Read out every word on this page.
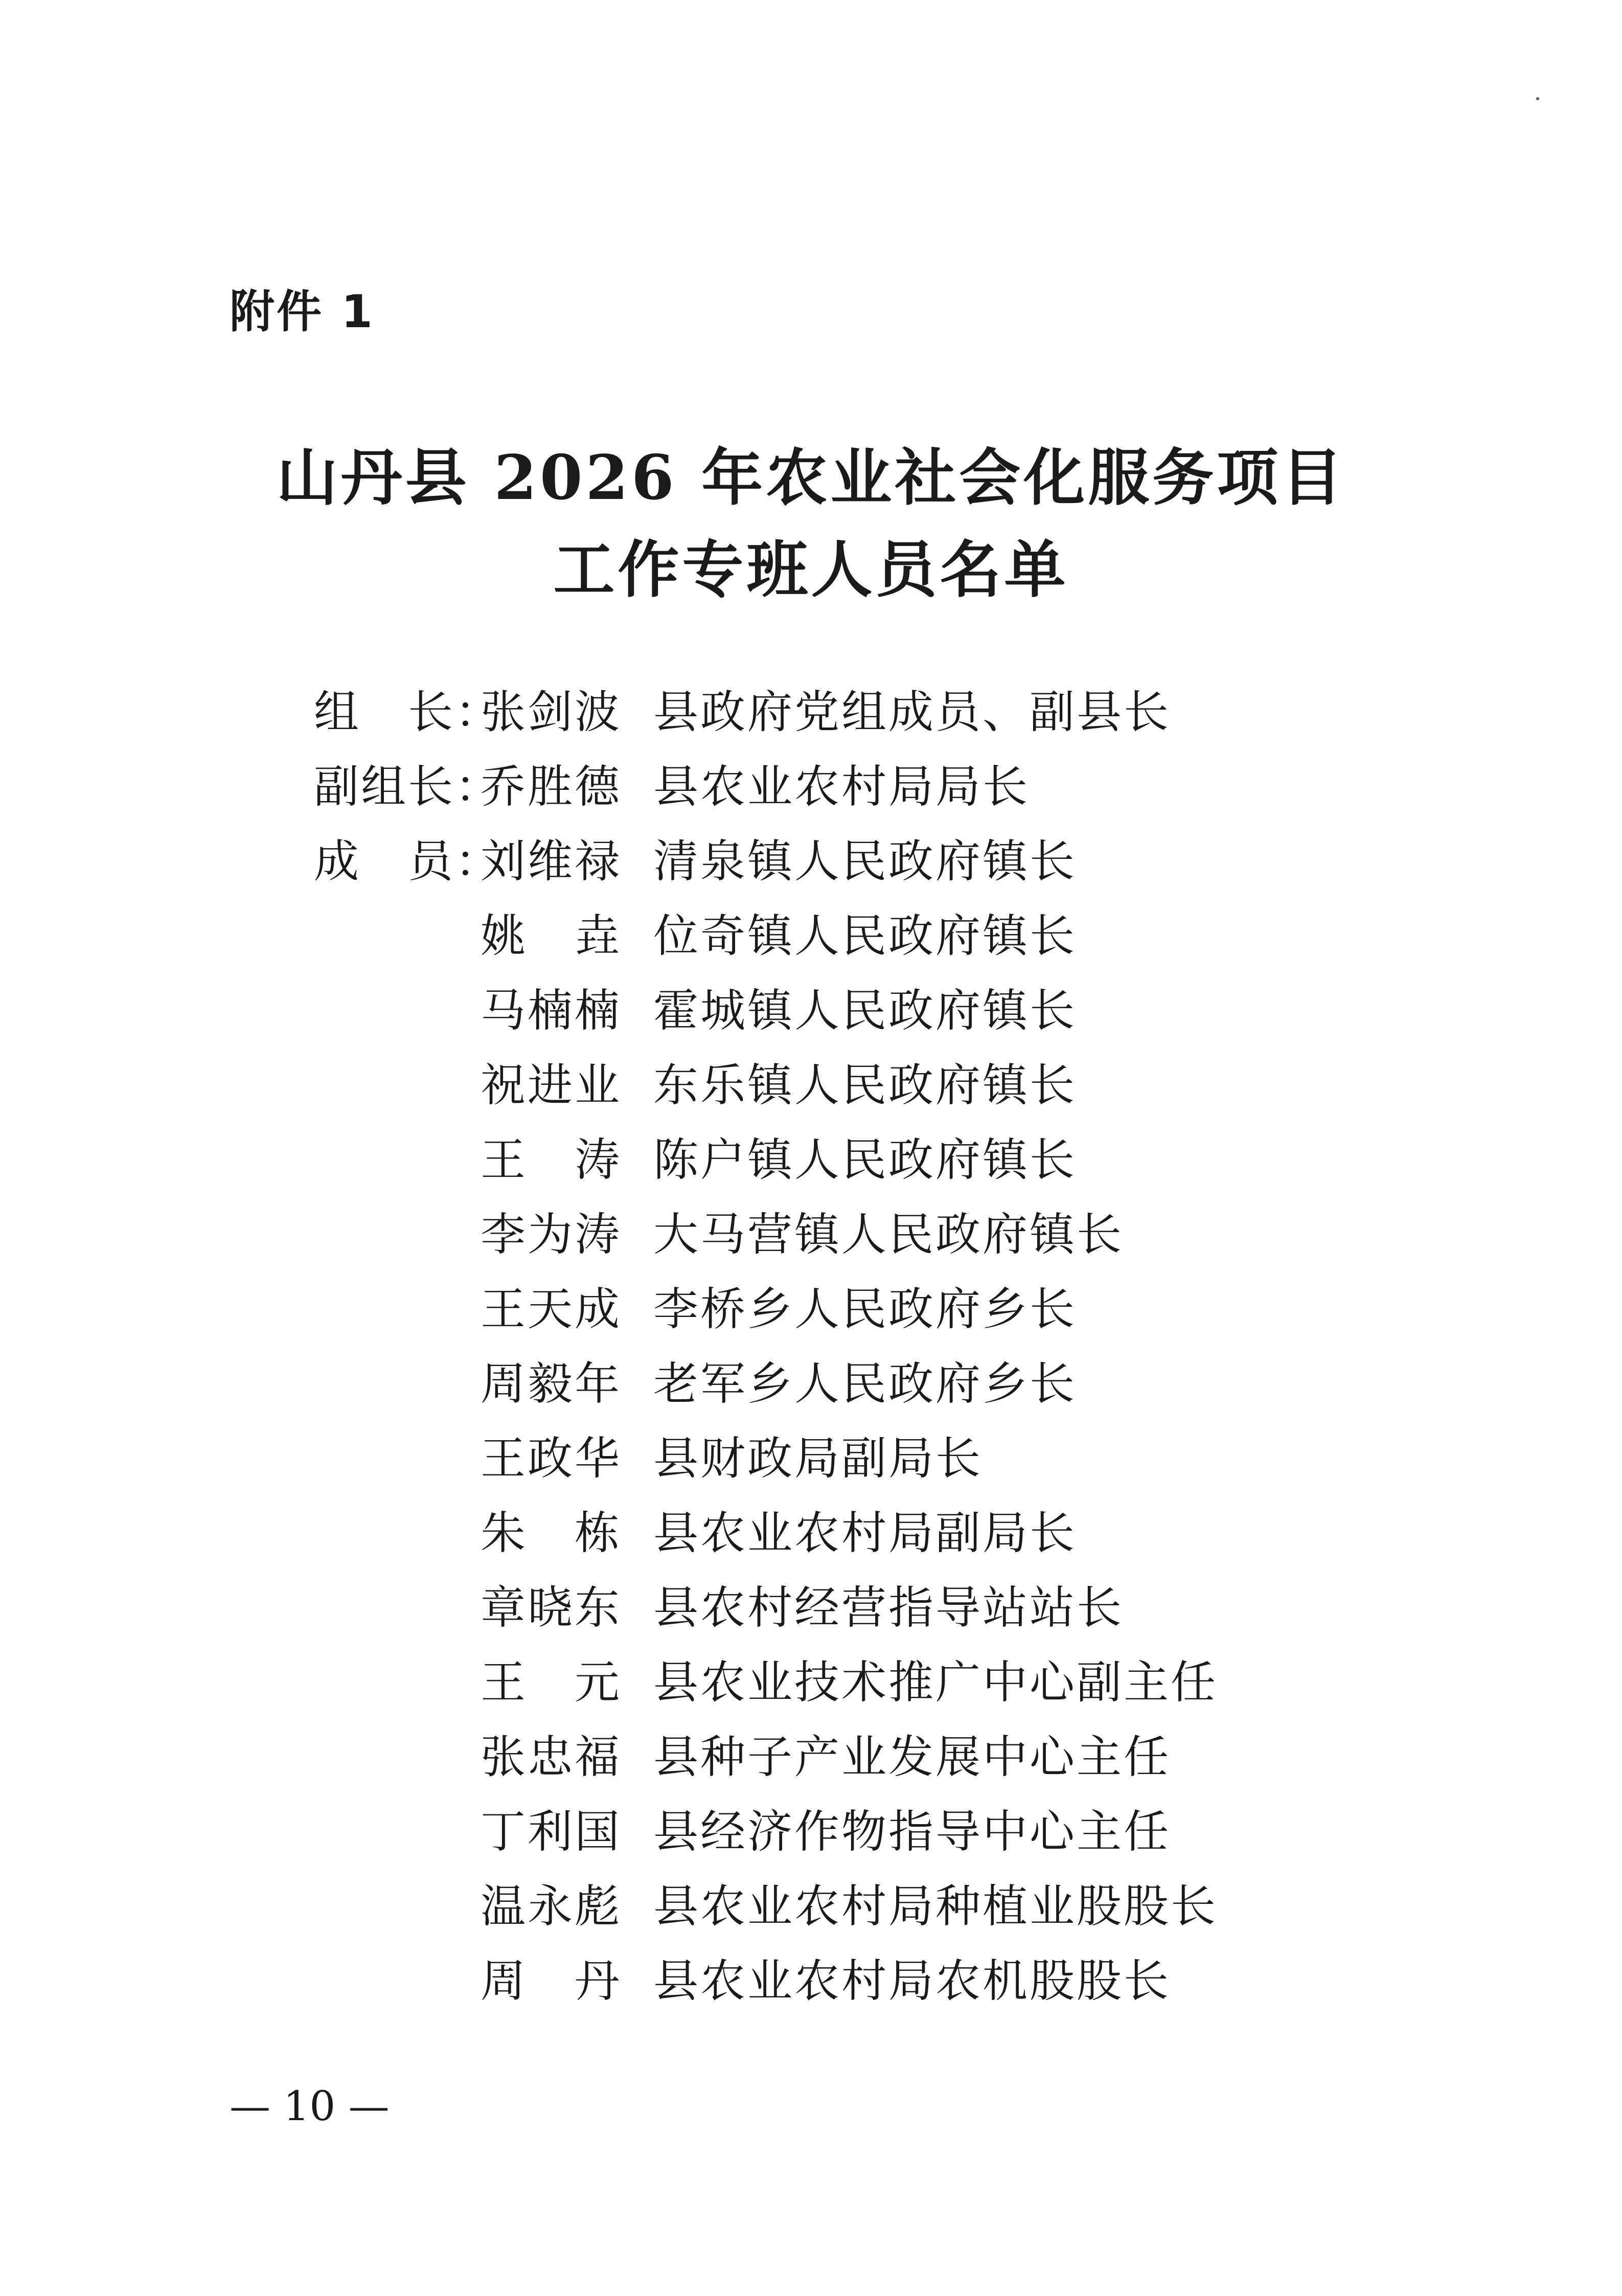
附件 1
山丹县 2026 年农业社会化服务项目
工作专班人员名单
组　长：
张剑波 县政府党组成员、副县长
副组长：
乔胜德 县农业农村局局长
成　员：
刘维禄 清泉镇人民政府镇长
姚　垚 位奇镇人民政府镇长
马楠楠 霍城镇人民政府镇长
祝进业 东乐镇人民政府镇长
王　涛 陈户镇人民政府镇长
李为涛 大马营镇人民政府镇长
王天成 李桥乡人民政府乡长
周毅年 老军乡人民政府乡长
王政华 县财政局副局长
朱　栋 县农业农村局副局长
章晓东 县农村经营指导站站长
王　元 县农业技术推广中心副主任
张忠福 县种子产业发展中心主任
丁利国 县经济作物指导中心主任
温永彪 县农业农村局种植业股股长
周　丹 县农业农村局农机股股长
— 10 —
